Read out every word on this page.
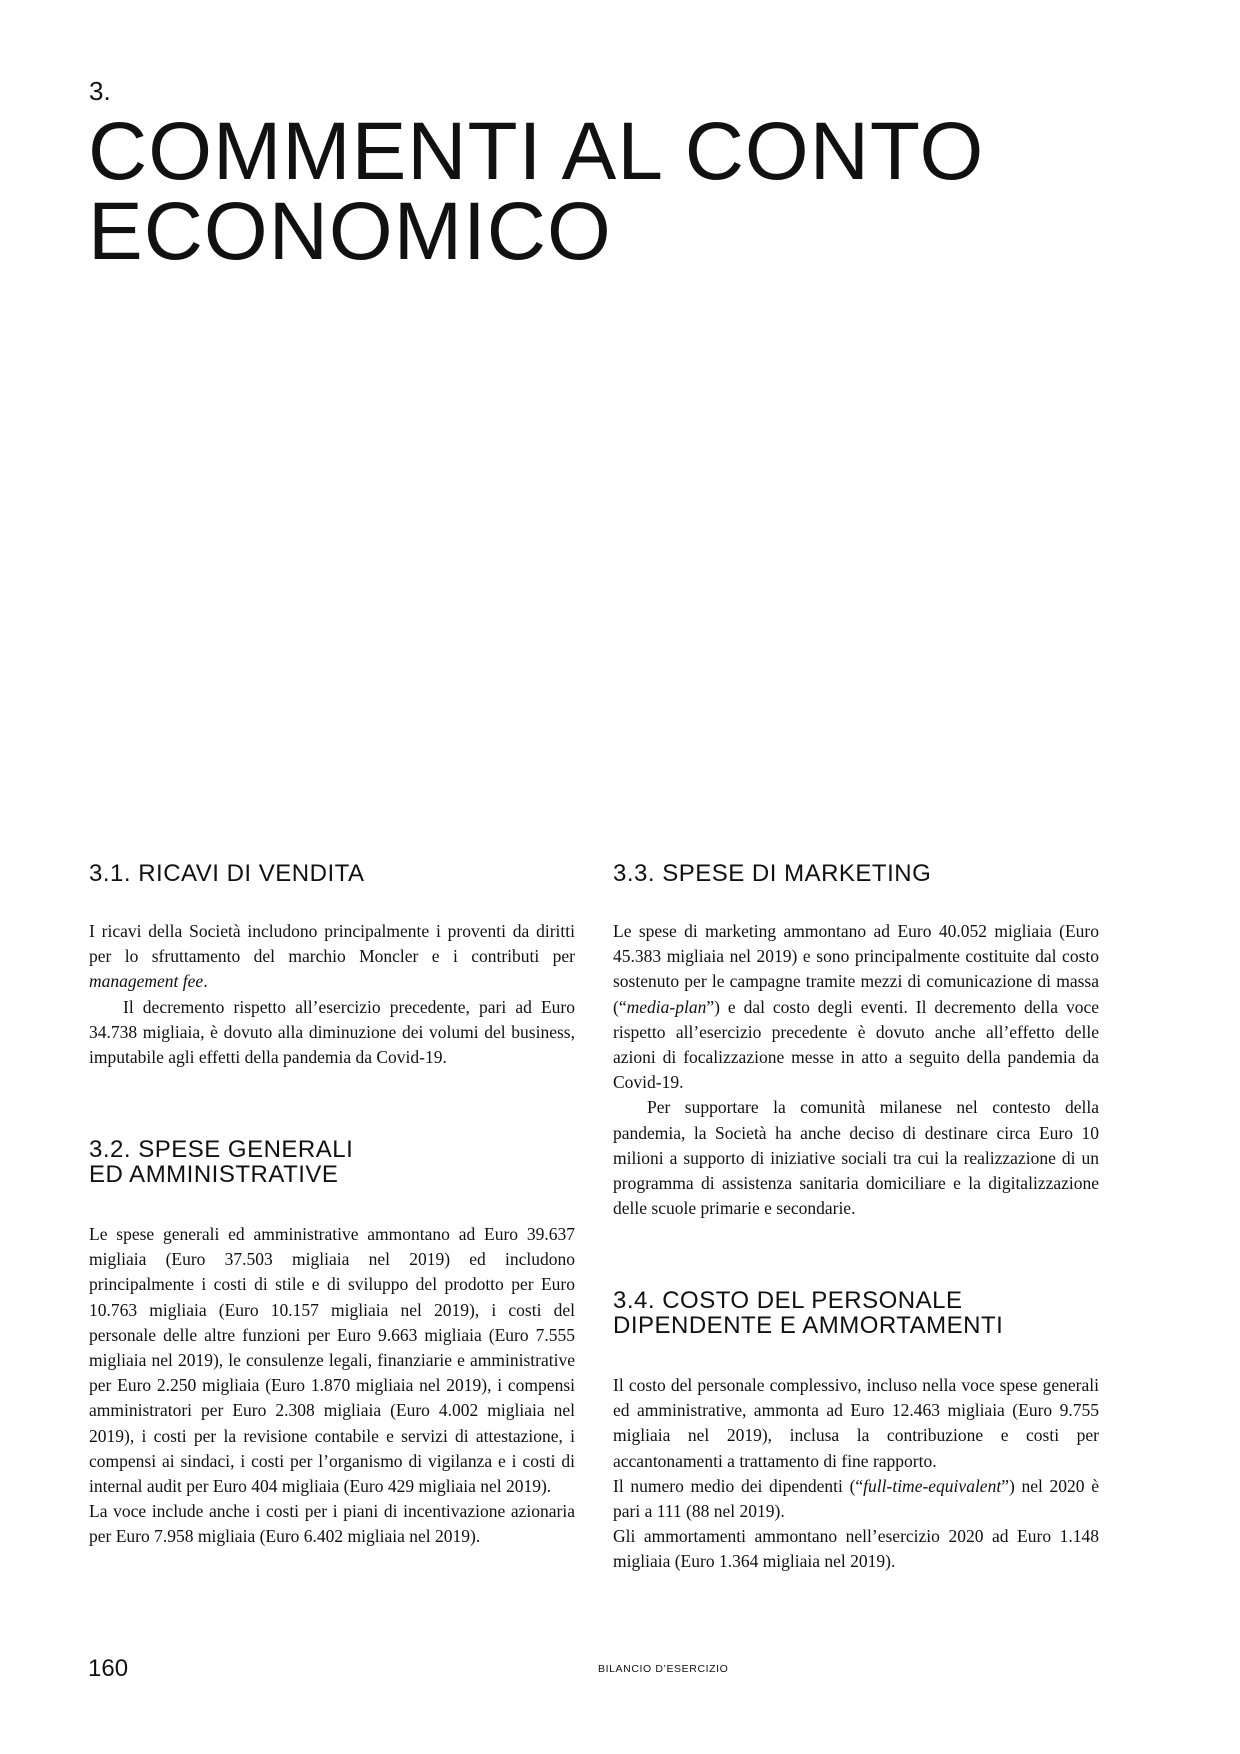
3.
COMMENTI AL CONTO
ECONOMICO
3.1. RICAVI DI VENDITA

I ricavi della Società includono principalmente i proventi da diritti per lo sfruttamento del marchio Moncler e i contributi per management fee.

Il decremento rispetto all’esercizio precedente, pari ad Euro 34.738 migliaia, è dovuto alla diminuzione dei volumi del business, imputabile agli effetti della pandemia da Covid-19.

3.2. SPESE GENERALI
ED AMMINISTRATIVE

Le spese generali ed amministrative ammontano ad Euro 39.637 migliaia (Euro 37.503 migliaia nel 2019) ed includono principalmente i costi di stile e di sviluppo del prodotto per Euro 10.763 migliaia (Euro 10.157 migliaia nel 2019), i costi del personale delle altre funzioni per Euro 9.663 migliaia (Euro 7.555 migliaia nel 2019), le consulenze legali, finanziarie e amministrative per Euro 2.250 migliaia (Euro 1.870 migliaia nel 2019), i compensi amministratori per Euro 2.308 migliaia (Euro 4.002 migliaia nel 2019), i costi per la revisione contabile e servizi di attestazione, i compensi ai sindaci, i costi per l’organismo di vigilanza e i costi di internal audit per Euro 404 migliaia (Euro 429 migliaia nel 2019).

La voce include anche i costi per i piani di incentivazione azionaria per Euro 7.958 migliaia (Euro 6.402 migliaia nel 2019).

3.3. SPESE DI MARKETING

Le spese di marketing ammontano ad Euro 40.052 migliaia (Euro 45.383 migliaia nel 2019) e sono principalmente costituite dal costo sostenuto per le campagne tramite mezzi di comunicazione di massa (“media-plan”) e dal costo degli eventi. Il decremento della voce rispetto all’esercizio precedente è dovuto anche all’effetto delle azioni di focalizzazione messe in atto a seguito della pandemia da Covid-19.

Per supportare la comunità milanese nel contesto della pandemia, la Società ha anche deciso di destinare circa Euro 10 milioni a supporto di iniziative sociali tra cui la realizzazione di un programma di assistenza sanitaria domiciliare e la digitalizzazione delle scuole primarie e secondarie.

3.4. COSTO DEL PERSONALE
DIPENDENTE E AMMORTAMENTI

Il costo del personale complessivo, incluso nella voce spese generali ed amministrative, ammonta ad Euro 12.463 migliaia (Euro 9.755 migliaia nel 2019), inclusa la contribuzione e costi per accantonamenti a trattamento di fine rapporto.

Il numero medio dei dipendenti (“full-time-equivalent”) nel 2020 è pari a 111 (88 nel 2019).

Gli ammortamenti ammontano nell’esercizio 2020 ad Euro 1.148 migliaia (Euro 1.364 migliaia nel 2019).

160	BILANCIO D’ESERCIZIO
